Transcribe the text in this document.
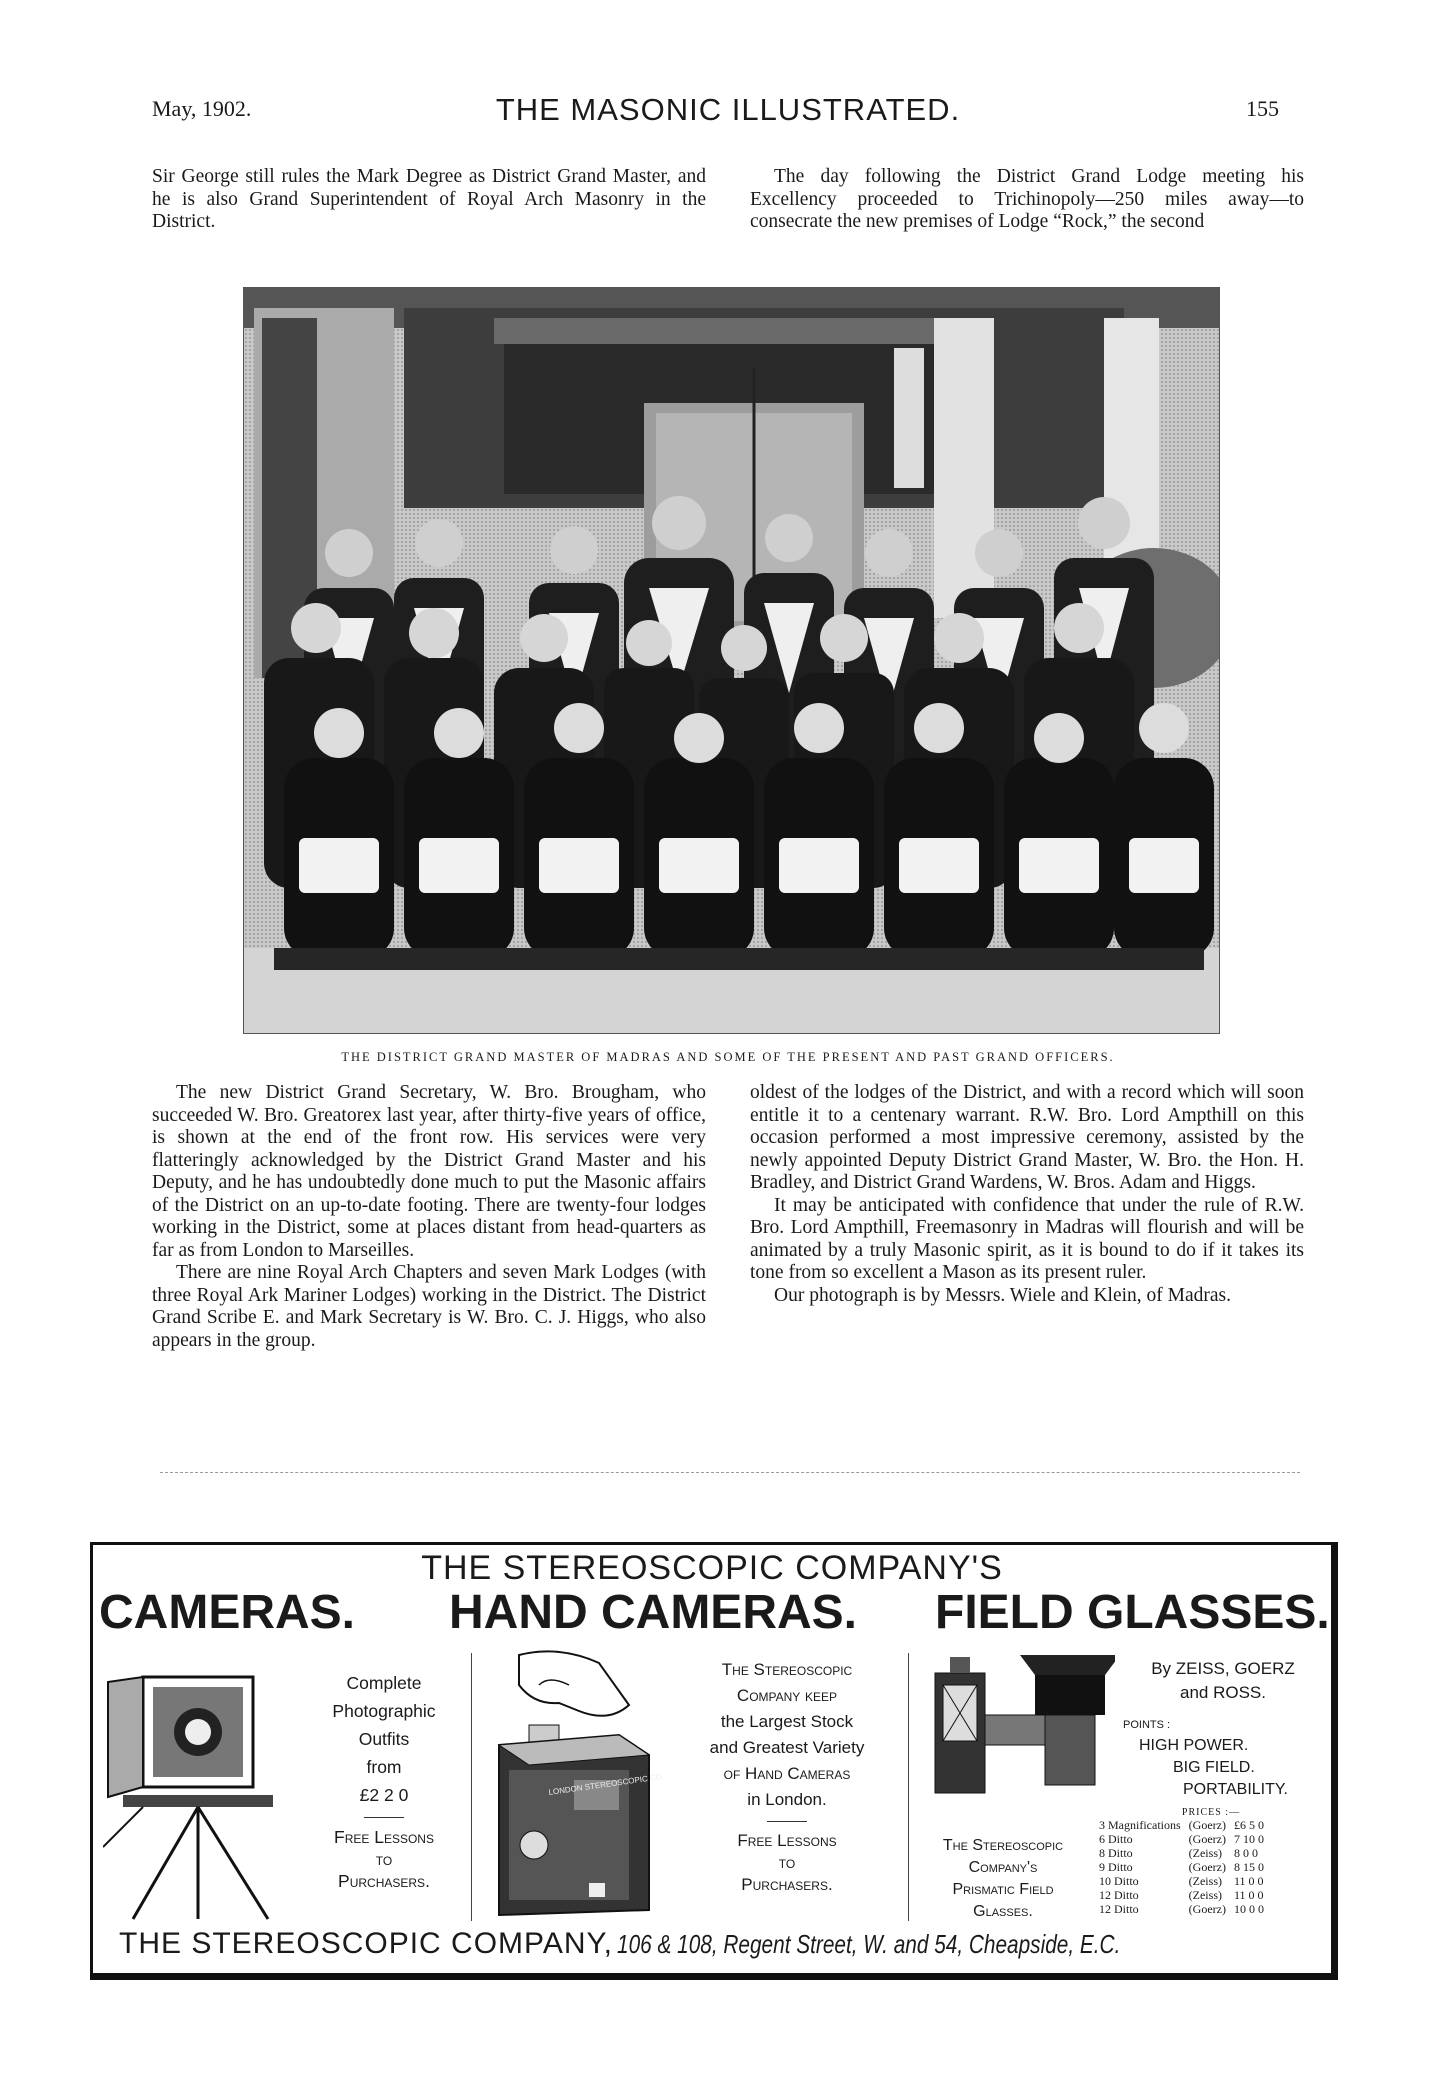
May, 1902.	THE MASONIC ILLUSTRATED.	155

Sir George still rules the Mark Degree as District Grand Master, and he is also Grand Superintendent of Royal Arch Masonry in the District.

The day following the District Grand Lodge meeting his Excellency proceeded to Trichinopoly—250 miles away—to consecrate the new premises of Lodge “Rock,” the second

THE DISTRICT GRAND MASTER OF MADRAS AND SOME OF THE PRESENT AND PAST GRAND OFFICERS.

The new District Grand Secretary, W. Bro. Brougham, who succeeded W. Bro. Greatorex last year, after thirty-five years of office, is shown at the end of the front row. His services were very flatteringly acknowledged by the District Grand Master and his Deputy, and he has undoubtedly done much to put the Masonic affairs of the District on an up-to-date footing. There are twenty-four lodges working in the District, some at places distant from head-quarters as far as from London to Marseilles.

There are nine Royal Arch Chapters and seven Mark Lodges (with three Royal Ark Mariner Lodges) working in the District. The District Grand Scribe E. and Mark Secretary is W. Bro. C. J. Higgs, who also appears in the group.

oldest of the lodges of the District, and with a record which will soon entitle it to a centenary warrant. R.W. Bro. Lord Ampthill on this occasion performed a most impressive ceremony, assisted by the newly appointed Deputy District Grand Master, W. Bro. the Hon. H. Bradley, and District Grand Wardens, W. Bros. Adam and Higgs.

It may be anticipated with confidence that under the rule of R.W. Bro. Lord Ampthill, Freemasonry in Madras will flourish and will be animated by a truly Masonic spirit, as it is bound to do if it takes its tone from so excellent a Mason as its present ruler.

Our photograph is by Messrs. Wiele and Klein, of Madras.

THE STEREOSCOPIC COMPANY'S
CAMERAS. HAND CAMERAS. FIELD GLASSES.
Complete
Photographic
Outfits
from
£2 2 0
Free Lessons
to
Purchasers.
LONDON STEREOSCOPIC CO.
The Stereoscopic
Company keep
the Largest Stock
and Greatest Variety
of Hand Cameras
in London.
Free Lessons
to
Purchasers.
By ZEISS, GOERZ
and ROSS.
POINTS :
HIGH POWER.
BIG FIELD.
PORTABILITY.
The Stereoscopic
Company's
Prismatic Field
Glasses.
PRICES :—
3 Magnifications	(Goerz)	£6 5 0
6 Ditto	(Goerz)	7 10 0
8 Ditto	(Zeiss)	8 0 0
9 Ditto	(Goerz)	8 15 0
10 Ditto	(Zeiss)	11 0 0
12 Ditto	(Zeiss)	11 0 0
12 Ditto	(Goerz)	10 0 0
THE STEREOSCOPIC COMPANY, 106 & 108, Regent Street, W. and 54, Cheapside, E.C.
